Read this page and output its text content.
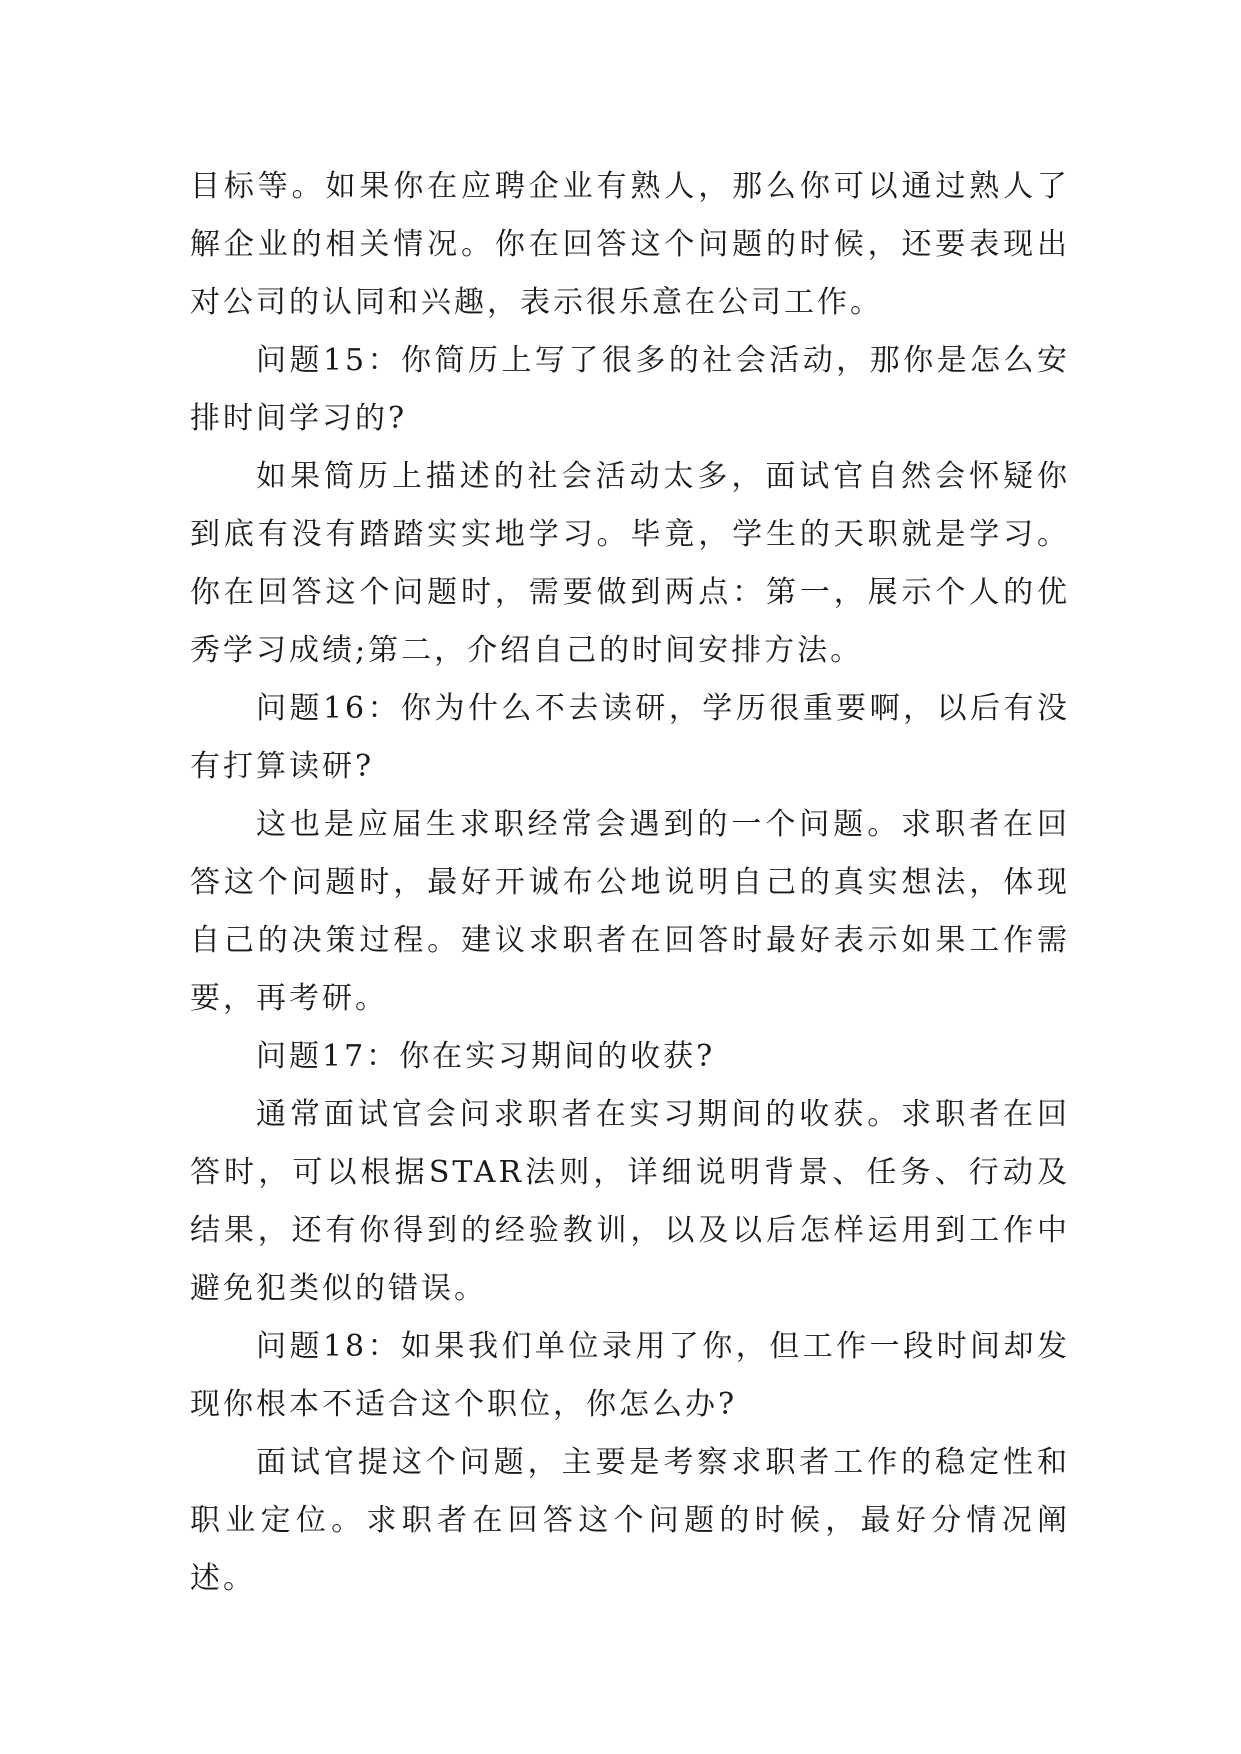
目标等。如果你在应聘企业有熟人，那么你可以通过熟人了解企业的相关情况。你在回答这个问题的时候，还要表现出对公司的认同和兴趣，表示很乐意在公司工作。

问题15：你简历上写了很多的社会活动，那你是怎么安排时间学习的?

如果简历上描述的社会活动太多，面试官自然会怀疑你到底有没有踏踏实实地学习。毕竟，学生的天职就是学习。你在回答这个问题时，需要做到两点：第一，展示个人的优秀学习成绩;第二，介绍自己的时间安排方法。

问题16：你为什么不去读研，学历很重要啊，以后有没有打算读研?

这也是应届生求职经常会遇到的一个问题。求职者在回答这个问题时，最好开诚布公地说明自己的真实想法，体现自己的决策过程。建议求职者在回答时最好表示如果工作需要，再考研。

问题17：你在实习期间的收获?

通常面试官会问求职者在实习期间的收获。求职者在回答时，可以根据STAR法则，详细说明背景、任务、行动及结果，还有你得到的经验教训，以及以后怎样运用到工作中避免犯类似的错误。

问题18：如果我们单位录用了你，但工作一段时间却发现你根本不适合这个职位，你怎么办?

面试官提这个问题，主要是考察求职者工作的稳定性和职业定位。求职者在回答这个问题的时候，最好分情况阐述。
